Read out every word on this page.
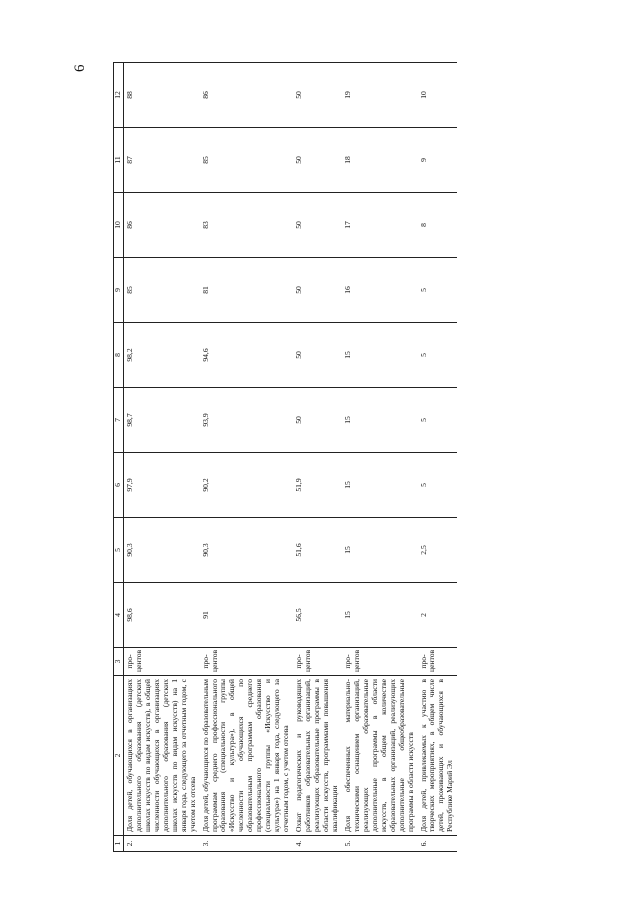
6
1	2	3	4	5	6	7	8	9	10	11	12
2.	Доля детей, обучающихся в организациях дополнительного образования (детских школах искусств по видам искусств), в общей численности обучающихся в организациях дополнительного образования (детских школах искусств по видам искусств) на 1 января года, следующего за отчетным годом, с учетом их отсева	про-центов	98,6	90,3	97,9	98,7	98,2	85	86	87	88
3.	Доля детей, обучающихся по образовательным программам среднего профессионального образования (специальности группы «Искусство и культура»), в общей численности обучающихся по образовательным программам среднего профессионального образования (специальности группы «Искусство и культура») на 1 января года, следующего за отчетным годом, с учетом отсева	про-центов	91	90,3	90,2	93,9	94,6	81	83	85	86
4.	Охват педагогических и руководящих работников образовательных организаций, реализующих образовательные программы в области искусств, программами повышения квалификации	про-центов	56,5	51,6	51,9	50	50	50	50	50	50
5.	Доля обеспеченных материально-техническими оснащением организаций, реализующих образовательные дополнительные программы в области искусств, в общем количестве образовательных организаций, реализующих дополнительные общеобразовательные программы в области искусств	про-центов	15	15	15	15	15	16	17	18	19
6.	Доля детей, привлекаемых к участию в творческих мероприятиях, в общем числе детей, проживающих и обучающихся в Республике Марий Эл	про-центов	2	2,5	5	5	5	5	8	9	10
